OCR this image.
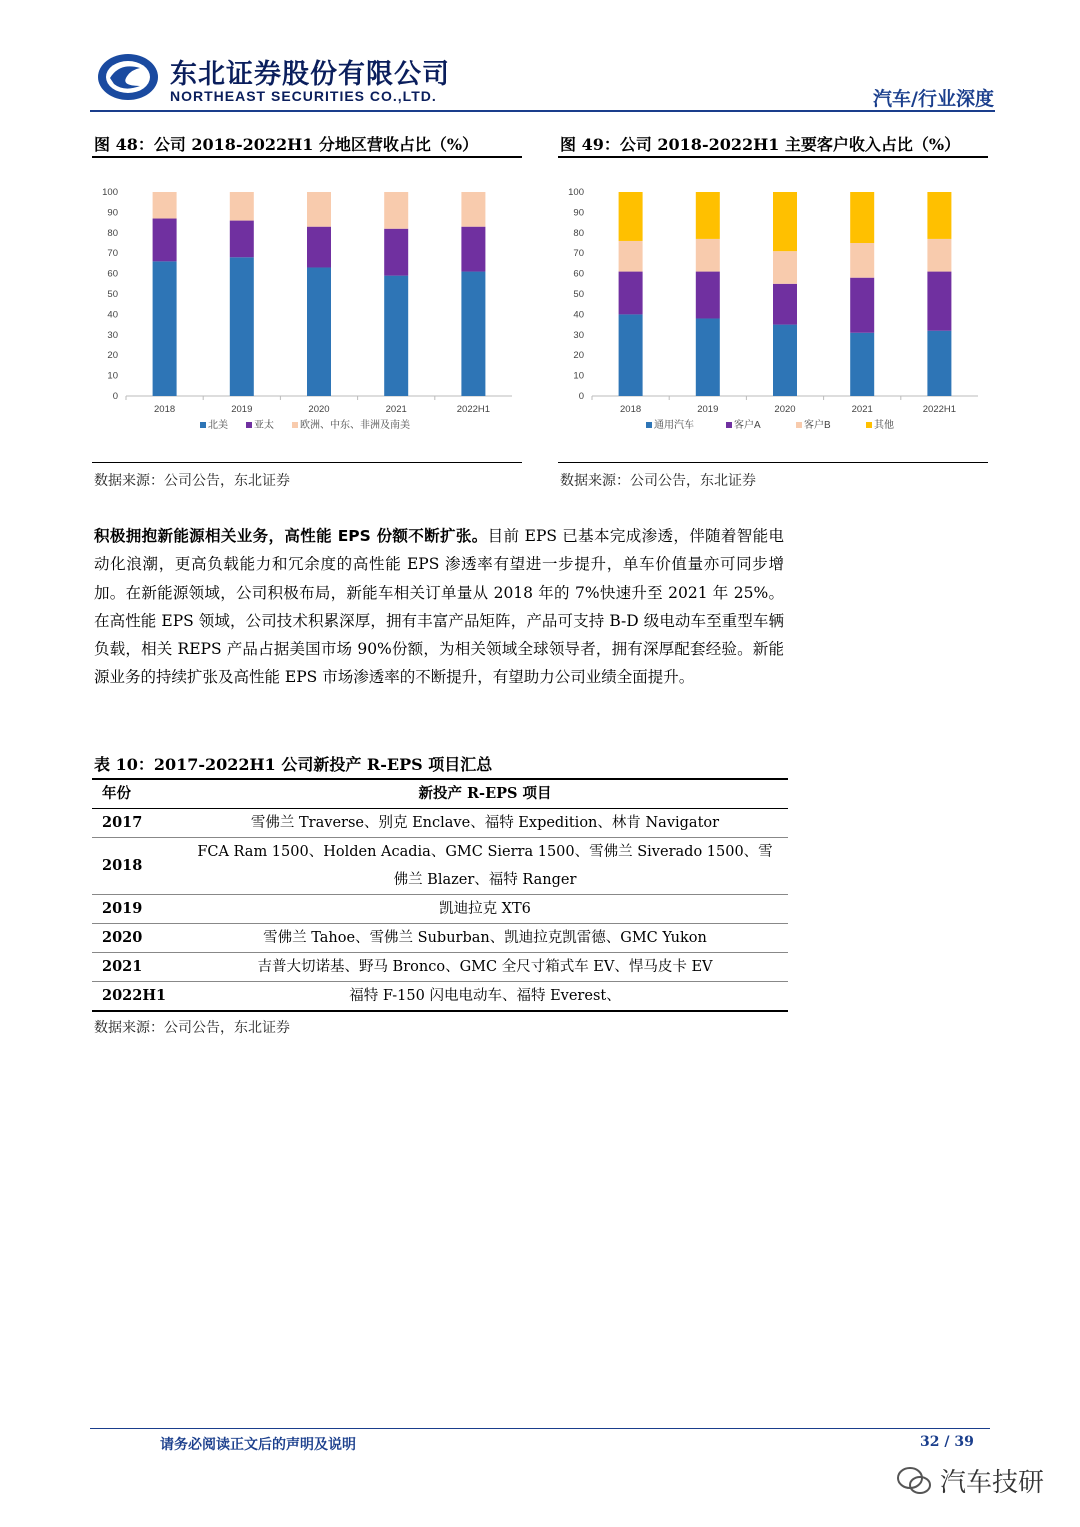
东北证券股份有限公司
NORTHEAST SECURITIES CO.,LTD.	汽车/行业深度
图 48：公司 2018-2022H1 分地区营收占比（%）
0
10
20
30
40
50
60
70
80
90
100
2018	2019	2020	2021	2022H1
北美	亚太	欧洲、中东、非洲及南美
数据来源：公司公告，东北证券
图 49：公司 2018-2022H1 主要客户收入占比（%）
0
10
20
30
40
50
60
70
80
90
100
2018	2019	2020	2021	2022H1
通用汽车	客户A	客户B	其他
数据来源：公司公告，东北证券
积极拥抱新能源相关业务，高性能 EPS 份额不断扩张。目前 EPS 已基本完成渗透，伴随着智能电动化浪潮，更高负载能力和冗余度的高性能 EPS 渗透率有望进一步提升，单车价值量亦可同步增加。在新能源领域，公司积极布局，新能车相关订单量从 2018 年的 7%快速升至 2021 年 25%。在高性能 EPS 领域，公司技术积累深厚，拥有丰富产品矩阵，产品可支持 B-D 级电动车至重型车辆负载，相关 REPS 产品占据美国市场 90%份额，为相关领域全球领导者，拥有深厚配套经验。新能源业务的持续扩张及高性能 EPS 市场渗透率的不断提升，有望助力公司业绩全面提升。
表 10：2017-2022H1 公司新投产 R-EPS 项目汇总
年份	新投产 R-EPS 项目
2017	雪佛兰 Traverse、别克 Enclave、福特 Expedition、林肯 Navigator
2018	FCA Ram 1500、Holden Acadia、GMC Sierra 1500、雪佛兰 Siverado 1500、雪佛兰 Blazer、福特 Ranger
2019	凯迪拉克 XT6
2020	雪佛兰 Tahoe、雪佛兰 Suburban、凯迪拉克凯雷德、GMC Yukon
2021	吉普大切诺基、野马 Bronco、GMC 全尺寸箱式车 EV、悍马皮卡 EV
2022H1	福特 F-150 闪电电动车、福特 Everest、
数据来源：公司公告，东北证券
请务必阅读正文后的声明及说明	32 / 39
汽车技研
